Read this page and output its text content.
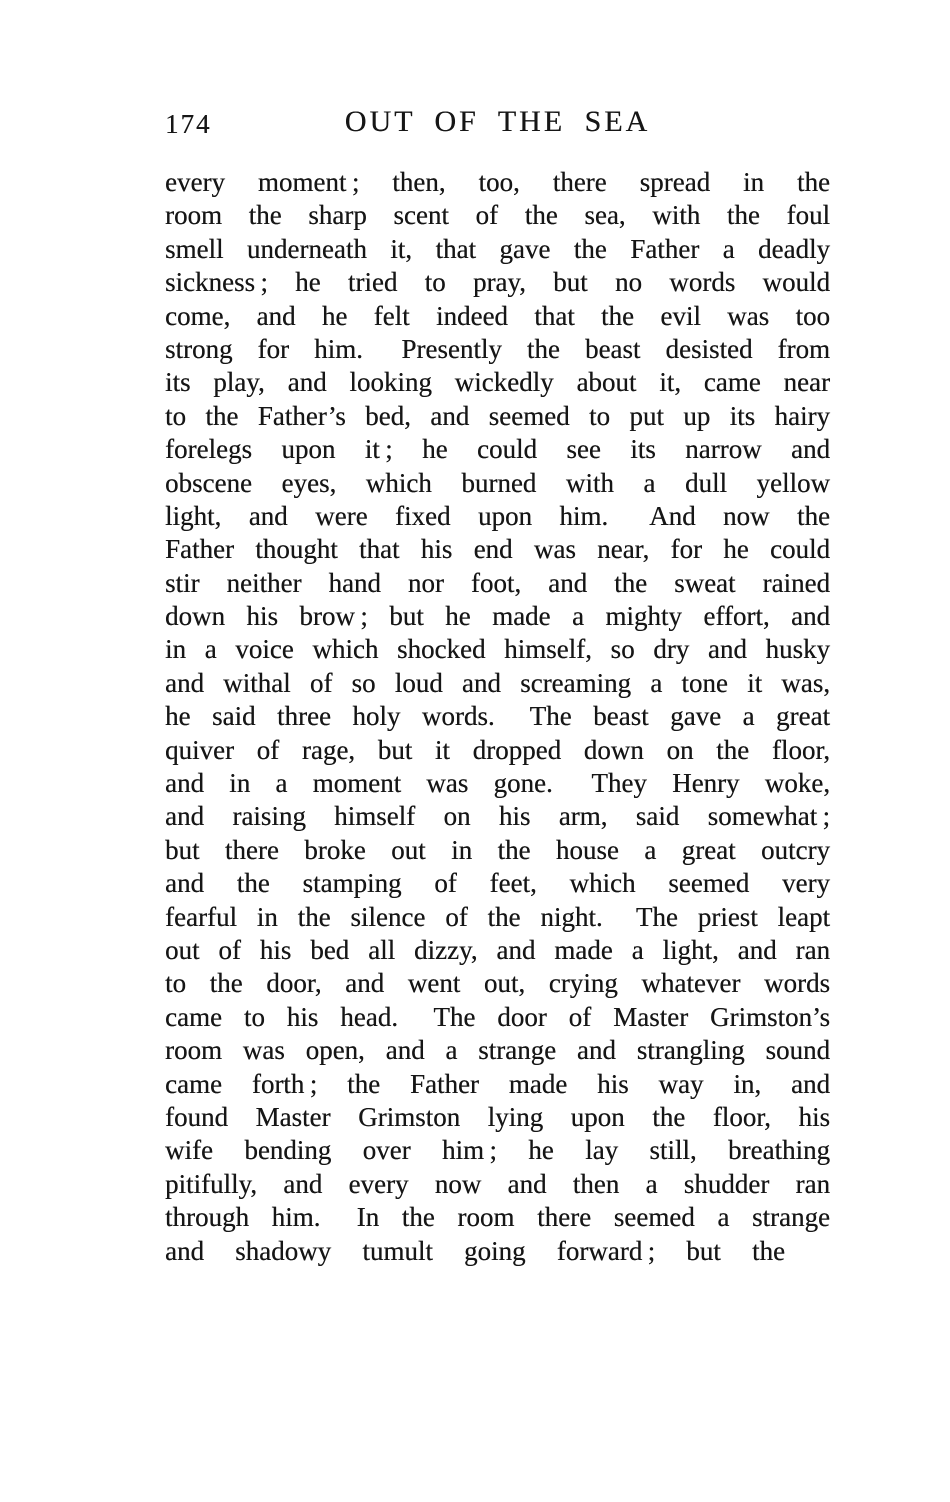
174	OUT OF THE SEA
every moment ; then, too, there spread in the
room the sharp scent of the sea, with the foul
smell underneath it, that gave the Father a deadly
sickness ; he tried to pray, but no words would
come, and he felt indeed that the evil was too
strong for him.  Presently the beast desisted from
its play, and looking wickedly about it, came near
to the Father’s bed, and seemed to put up its hairy
forelegs upon it ; he could see its narrow and
obscene eyes, which burned with a dull yellow
light, and were fixed upon him.  And now the
Father thought that his end was near, for he could
stir neither hand nor foot, and the sweat rained
down his brow ; but he made a mighty effort, and
in a voice which shocked himself, so dry and husky
and withal of so loud and screaming a tone it was,
he said three holy words.  The beast gave a great
quiver of rage, but it dropped down on the floor,
and in a moment was gone.  They Henry woke,
and raising himself on his arm, said somewhat ;
but there broke out in the house a great outcry
and the stamping of feet, which seemed very
fearful in the silence of the night.  The priest leapt
out of his bed all dizzy, and made a light, and ran
to the door, and went out, crying whatever words
came to his head.  The door of Master Grimston’s
room was open, and a strange and strangling sound
came forth ; the Father made his way in, and
found Master Grimston lying upon the floor, his
wife bending over him ; he lay still, breathing
pitifully, and every now and then a shudder ran
through him.  In the room there seemed a strange
and shadowy tumult going forward ; but the
